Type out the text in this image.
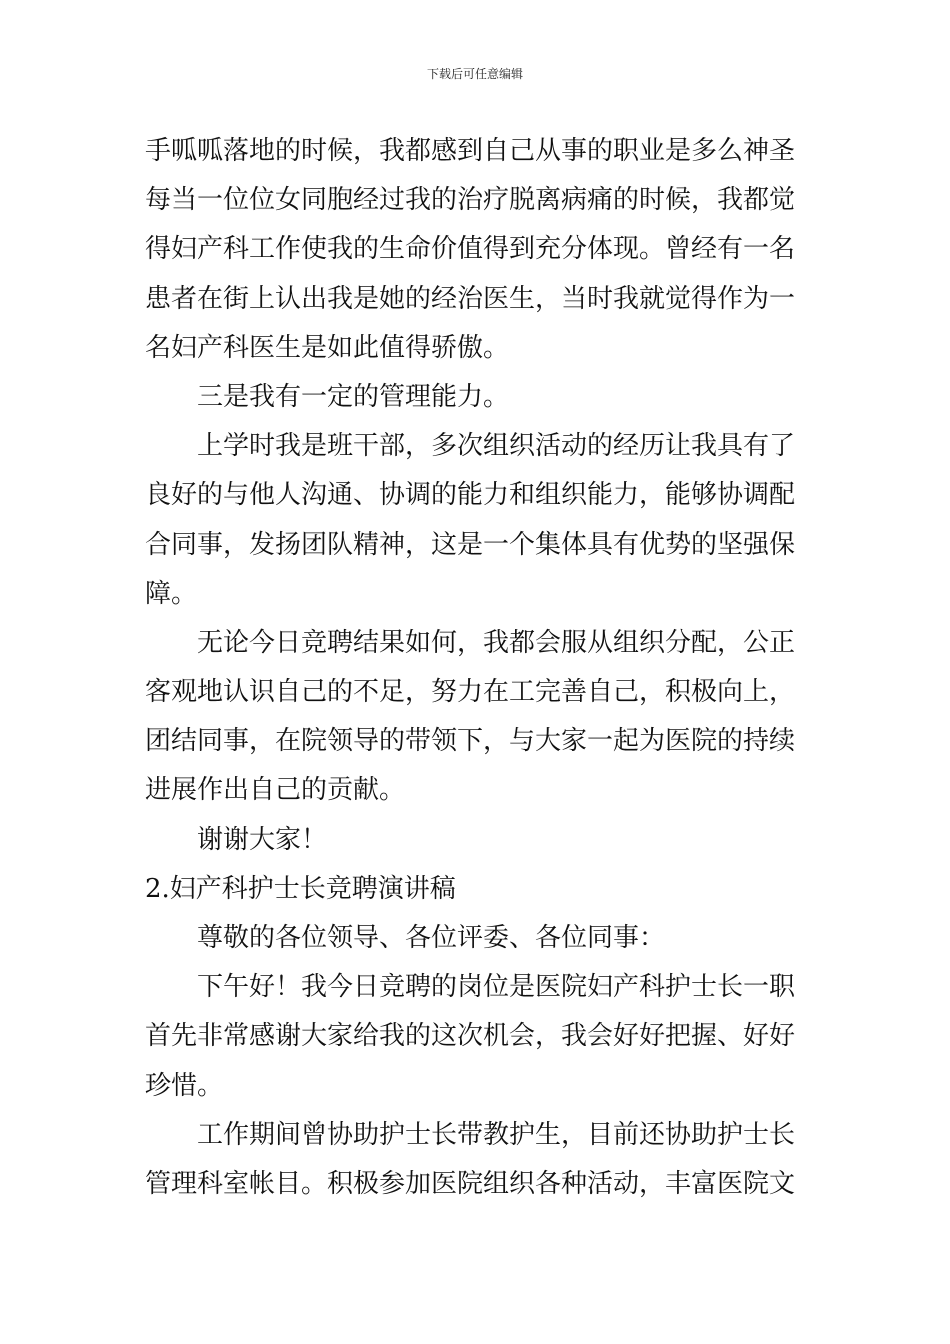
下载后可任意编辑
手呱呱落地的时候，我都感到自己从事的职业是多么神圣
每当一位位女同胞经过我的治疗脱离病痛的时候，我都觉
得妇产科工作使我的生命价值得到充分体现。曾经有一名
患者在街上认出我是她的经治医生，当时我就觉得作为一
名妇产科医生是如此值得骄傲。
三是我有一定的管理能力。
上学时我是班干部，多次组织活动的经历让我具有了
良好的与他人沟通、协调的能力和组织能力，能够协调配
合同事，发扬团队精神，这是一个集体具有优势的坚强保
障。
无论今日竞聘结果如何，我都会服从组织分配，公正
客观地认识自己的不足，努力在工完善自己，积极向上，
团结同事，在院领导的带领下，与大家一起为医院的持续
进展作出自己的贡献。
谢谢大家！
2.妇产科护士长竞聘演讲稿
尊敬的各位领导、各位评委、各位同事：
下午好！我今日竞聘的岗位是医院妇产科护士长一职
首先非常感谢大家给我的这次机会，我会好好把握、好好
珍惜。
工作期间曾协助护士长带教护生，目前还协助护士长
管理科室帐目。积极参加医院组织各种活动，丰富医院文
